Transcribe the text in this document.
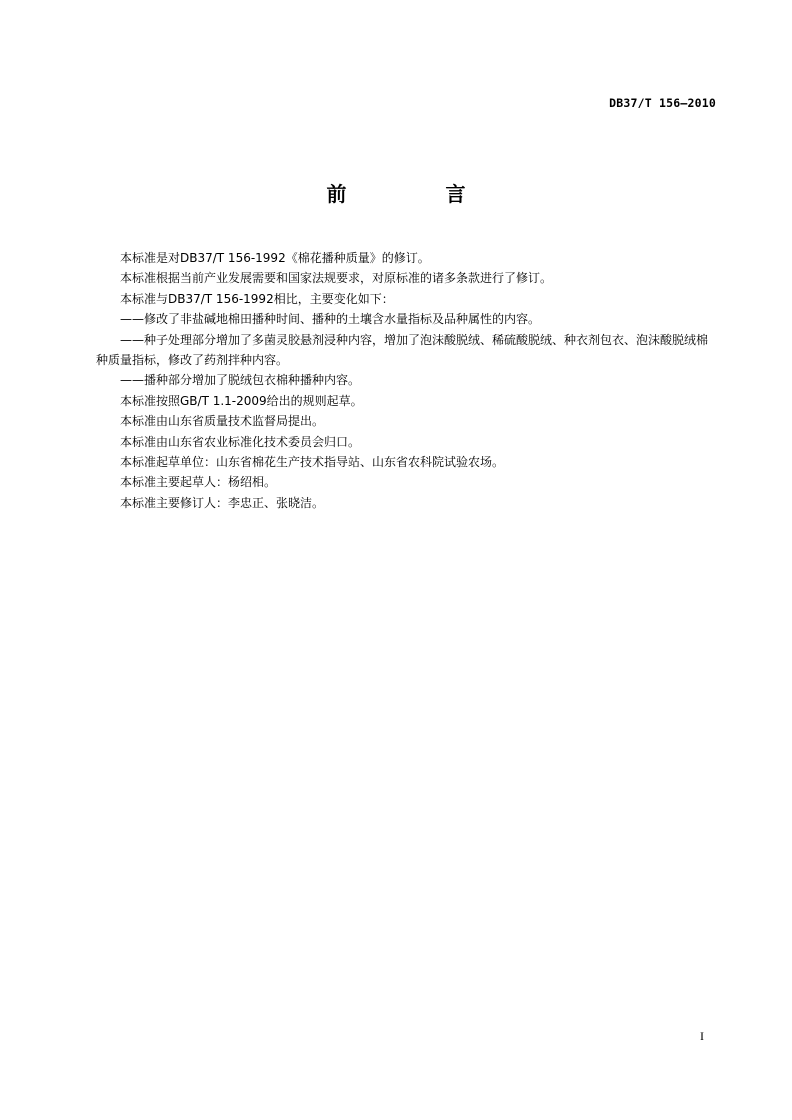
DB37/T 156—2010
前 言

本标准是对DB37/T 156-1992《棉花播种质量》的修订。

本标准根据当前产业发展需要和国家法规要求，对原标准的诸多条款进行了修订。

本标准与DB37/T 156-1992相比，主要变化如下：

——修改了非盐碱地棉田播种时间、播种的土壤含水量指标及品种属性的内容。

——种子处理部分增加了多菌灵胶悬剂浸种内容，增加了泡沫酸脱绒、稀硫酸脱绒、种衣剂包衣、泡沫酸脱绒棉种质量指标，修改了药剂拌种内容。

——播种部分增加了脱绒包衣棉种播种内容。

本标准按照GB/T 1.1-2009给出的规则起草。

本标准由山东省质量技术监督局提出。

本标准由山东省农业标准化技术委员会归口。

本标准起草单位：山东省棉花生产技术指导站、山东省农科院试验农场。

本标准主要起草人：杨绍相。

本标准主要修订人：李忠正、张晓洁。

I
